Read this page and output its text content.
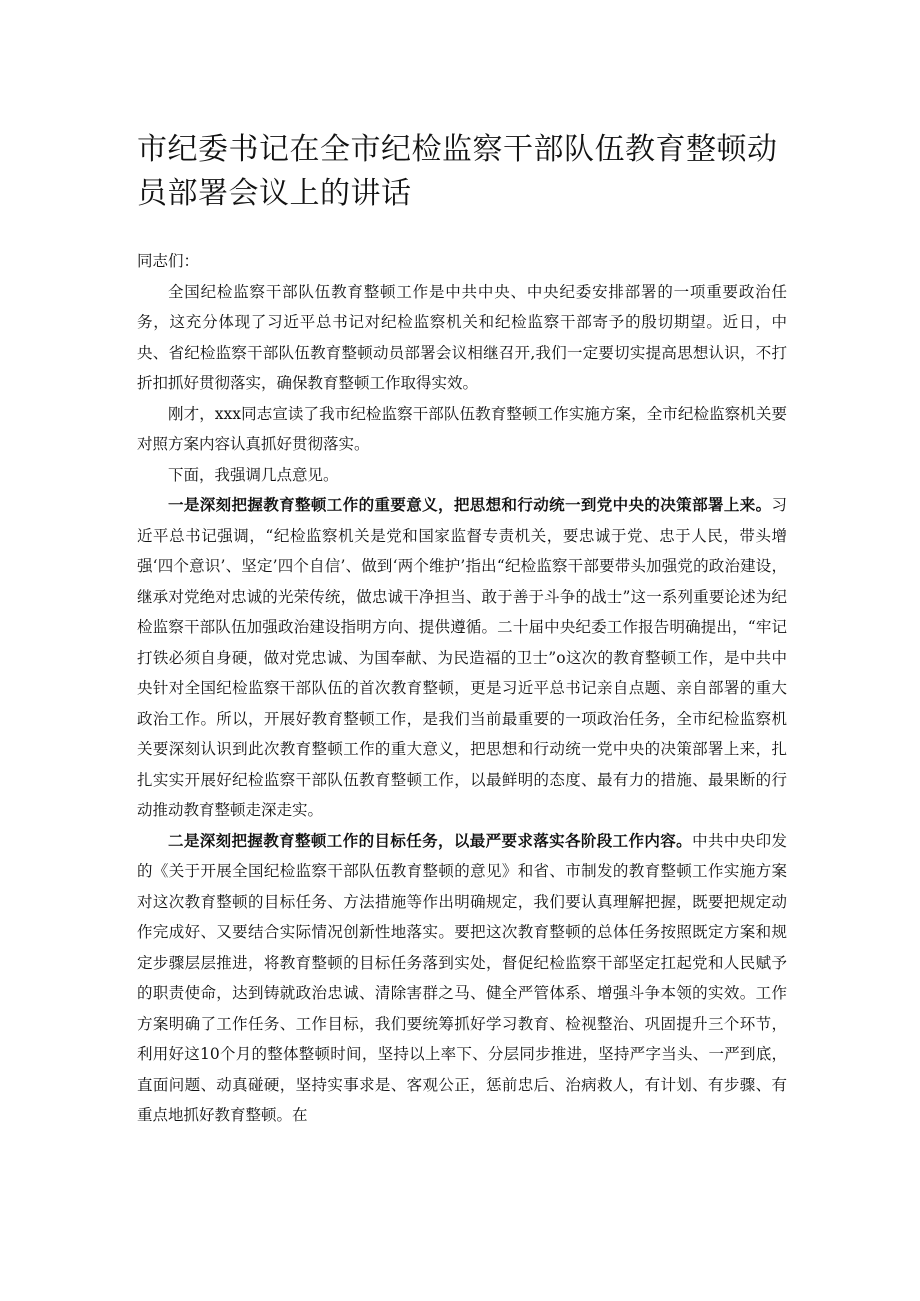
市纪委书记在全市纪检监察干部队伍教育整顿动员部署会议上的讲话

同志们：

全国纪检监察干部队伍教育整顿工作是中共中央、中央纪委安排部署的一项重要政治任务，这充分体现了习近平总书记对纪检监察机关和纪检监察干部寄予的殷切期望。近日，中央、省纪检监察干部队伍教育整顿动员部署会议相继召开,我们一定要切实提高思想认识，不打折扣抓好贯彻落实，确保教育整顿工作取得实效。

刚才，xxx同志宣读了我市纪检监察干部队伍教育整顿工作实施方案，全市纪检监察机关要对照方案内容认真抓好贯彻落实。

下面，我强调几点意见。

一是深刻把握教育整顿工作的重要意义，把思想和行动统一到党中央的决策部署上来。习近平总书记强调，“纪检监察机关是党和国家监督专责机关，要忠诚于党、忠于人民，带头增强‘四个意识’、坚定’四个自信’、做到‘两个维护’指出“纪检监察干部要带头加强党的政治建设，继承对党绝对忠诚的光荣传统，做忠诚干净担当、敢于善于斗争的战士”这一系列重要论述为纪检监察干部队伍加强政治建设指明方向、提供遵循。二十届中央纪委工作报告明确提出，“牢记打铁必须自身硬，做对党忠诚、为国奉献、为民造福的卫士”o这次的教育整顿工作，是中共中央针对全国纪检监察干部队伍的首次教育整顿，更是习近平总书记亲自点题、亲自部署的重大政治工作。所以，开展好教育整顿工作，是我们当前最重要的一项政治任务，全市纪检监察机关要深刻认识到此次教育整顿工作的重大意义，把思想和行动统一党中央的决策部署上来，扎扎实实开展好纪检监察干部队伍教育整顿工作，以最鲜明的态度、最有力的措施、最果断的行动推动教育整顿走深走实。

二是深刻把握教育整顿工作的目标任务，以最严要求落实各阶段工作内容。中共中央印发的《关于开展全国纪检监察干部队伍教育整顿的意见》和省、市制发的教育整顿工作实施方案对这次教育整顿的目标任务、方法措施等作出明确规定，我们要认真理解把握，既要把规定动作完成好、又要结合实际情况创新性地落实。要把这次教育整顿的总体任务按照既定方案和规定步骤层层推进，将教育整顿的目标任务落到实处，督促纪检监察干部坚定扛起党和人民赋予的职责使命，达到铸就政治忠诚、清除害群之马、健全严管体系、增强斗争本领的实效。工作方案明确了工作任务、工作目标，我们要统筹抓好学习教育、检视整治、巩固提升三个环节，利用好这10个月的整体整顿时间，坚持以上率下、分层同步推进，坚持严字当头、一严到底，直面问题、动真碰硬，坚持实事求是、客观公正，惩前忠后、治病救人，有计划、有步骤、有重点地抓好教育整顿。在
